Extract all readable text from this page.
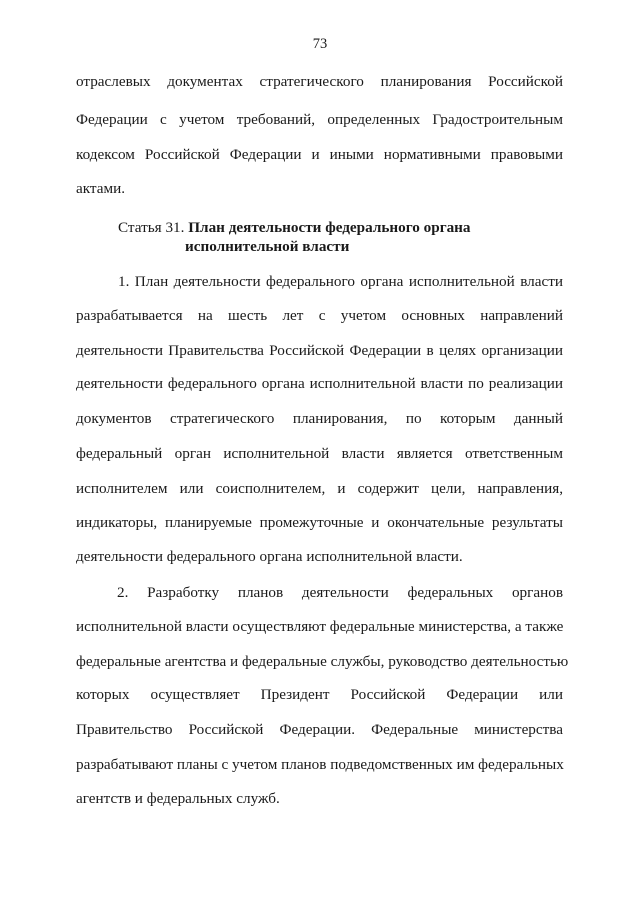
73
отраслевых документах стратегического планирования Российской
Федерации с учетом требований, определенных Градостроительным
кодексом Российской Федерации и иными нормативными правовыми
актами.
Статья 31. План деятельности федерального органа
исполнительной власти
1. План деятельности федерального органа исполнительной власти
разрабатывается на шесть лет с учетом основных направлений
деятельности Правительства Российской Федерации в целях организации
деятельности федерального органа исполнительной власти по реализации
документов стратегического планирования, по которым данный
федеральный орган исполнительной власти является ответственным
исполнителем или соисполнителем, и содержит цели, направления,
индикаторы, планируемые промежуточные и окончательные результаты
деятельности федерального органа исполнительной власти.
2. Разработку планов деятельности федеральных органов
исполнительной власти осуществляют федеральные министерства, а также
федеральные агентства и федеральные службы, руководство деятельностью
которых осуществляет Президент Российской Федерации или
Правительство Российской Федерации. Федеральные министерства
разрабатывают планы с учетом планов подведомственных им федеральных
агентств и федеральных служб.
